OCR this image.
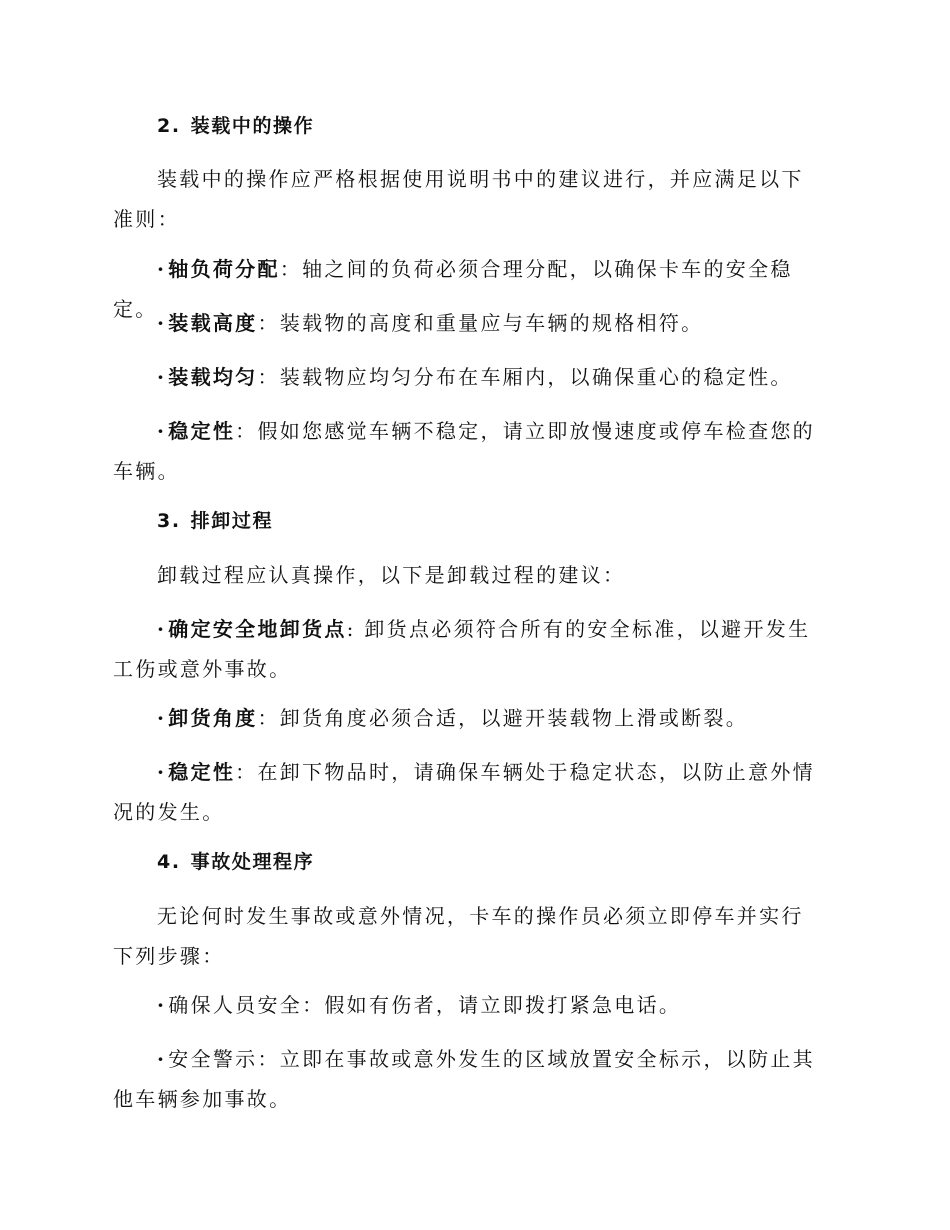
2. 装载中的操作

装载中的操作应严格根据使用说明书中的建议进行，并应满足以下准则：

· 轴负荷分配：轴之间的负荷必须合理分配，以确保卡车的安全稳定。

· 装载高度：装载物的高度和重量应与车辆的规格相符。

· 装载均匀：装载物应均匀分布在车厢内，以确保重心的稳定性。

· 稳定性：假如您感觉车辆不稳定，请立即放慢速度或停车检查您的车辆。

3. 排卸过程

卸载过程应认真操作，以下是卸载过程的建议：

· 确定安全地卸货点: 卸货点必须符合所有的安全标准，以避开发生工伤或意外事故。

· 卸货角度：卸货角度必须合适，以避开装载物上滑或断裂。

· 稳定性：在卸下物品时，请确保车辆处于稳定状态，以防止意外情况的发生。

4. 事故处理程序

无论何时发生事故或意外情况，卡车的操作员必须立即停车并实行下列步骤：

· 确保人员安全：假如有伤者，请立即拨打紧急电话。

· 安全警示：立即在事故或意外发生的区域放置安全标示，以防止其他车辆参加事故。
